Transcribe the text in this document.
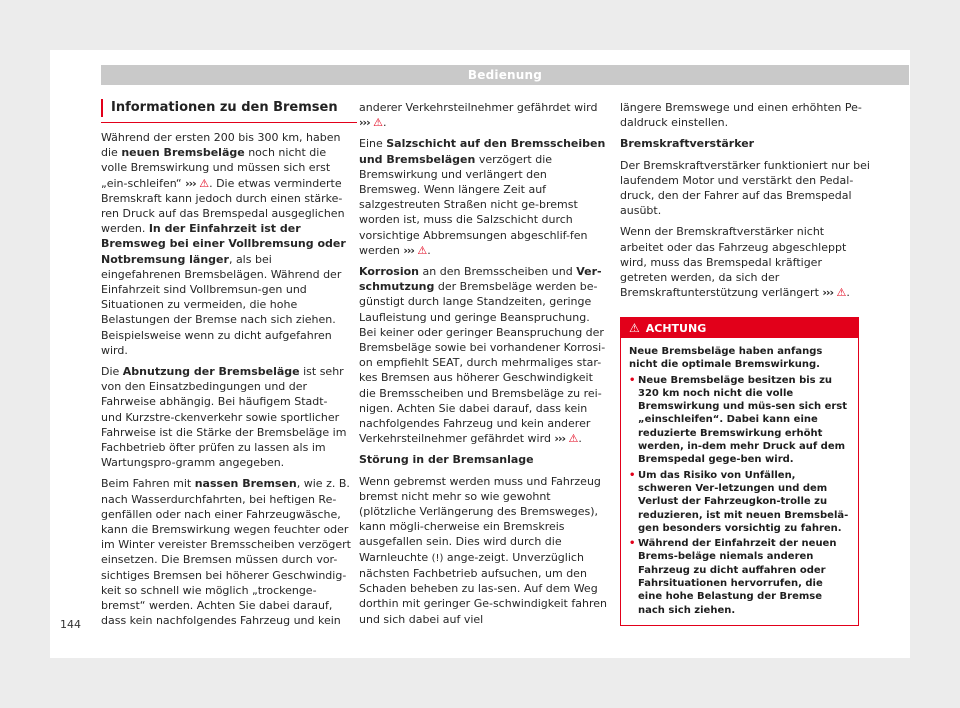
Bedienung
Informationen zu den Bremsen

Während der ersten 200 bis 300 km, haben die neuen Bremsbeläge noch nicht die volle Bremswirkung und müssen sich erst „ein-schleifen“ ››› ⚠. Die etwas verminderte Bremskraft kann jedoch durch einen stärke-ren Druck auf das Bremspedal ausgeglichen werden. In der Einfahrzeit ist der Bremsweg bei einer Vollbremsung oder Notbremsung länger, als bei eingefahrenen Bremsbelägen. Während der Einfahrzeit sind Vollbremsun-gen und Situationen zu vermeiden, die hohe Belastungen der Bremse nach sich ziehen. Beispielsweise wenn zu dicht aufgefahren wird.

Die Abnutzung der Bremsbeläge ist sehr von den Einsatzbedingungen und der Fahrweise abhängig. Bei häufigem Stadt- und Kurzstre-ckenverkehr sowie sportlicher Fahrweise ist die Stärke der Bremsbeläge im Fachbetrieb öfter prüfen zu lassen als im Wartungspro-gramm angegeben.

Beim Fahren mit nassen Bremsen, wie z. B. nach Wasserdurchfahrten, bei heftigen Re-genfällen oder nach einer Fahrzeugwäsche, kann die Bremswirkung wegen feuchter oder im Winter vereister Bremsscheiben verzögert einsetzen. Die Bremsen müssen durch vor-sichtiges Bremsen bei höherer Geschwindig-keit so schnell wie möglich „trockenge-bremst“ werden. Achten Sie dabei darauf, dass kein nachfolgendes Fahrzeug und kein

anderer Verkehrsteilnehmer gefährdet wird ››› ⚠.

Eine Salzschicht auf den Bremsscheiben und Bremsbelägen verzögert die Bremswirkung und verlängert den Bremsweg. Wenn längere Zeit auf salzgestreuten Straßen nicht ge-bremst worden ist, muss die Salzschicht durch vorsichtige Abbremsungen abgeschlif-fen werden ››› ⚠.

Korrosion an den Bremsscheiben und Ver-schmutzung der Bremsbeläge werden be-günstigt durch lange Standzeiten, geringe Laufleistung und geringe Beanspruchung. Bei keiner oder geringer Beanspruchung der Bremsbeläge sowie bei vorhandener Korrosi-on empfiehlt SEAT, durch mehrmaliges star-kes Bremsen aus höherer Geschwindigkeit die Bremsscheiben und Bremsbeläge zu rei-nigen. Achten Sie dabei darauf, dass kein nachfolgendes Fahrzeug und kein anderer Verkehrsteilnehmer gefährdet wird ››› ⚠.

Störung in der Bremsanlage

Wenn gebremst werden muss und Fahrzeug bremst nicht mehr so wie gewohnt (plötzliche Verlängerung des Bremsweges), kann mögli-cherweise ein Bremskreis ausgefallen sein. Dies wird durch die Warnleuchte (!) ange-zeigt. Unverzüglich nächsten Fachbetrieb aufsuchen, um den Schaden beheben zu las-sen. Auf dem Weg dorthin mit geringer Ge-schwindigkeit fahren und sich dabei auf viel

längere Bremswege und einen erhöhten Pe-daldruck einstellen.

Bremskraftverstärker

Der Bremskraftverstärker funktioniert nur bei laufendem Motor und verstärkt den Pedal-druck, den der Fahrer auf das Bremspedal ausübt.

Wenn der Bremskraftverstärker nicht arbeitet oder das Fahrzeug abgeschleppt wird, muss das Bremspedal kräftiger getreten werden, da sich der Bremskraftunterstützung verlängert ››› ⚠.

⚠ ACHTUNG

Neue Bremsbeläge haben anfangs nicht die optimale Bremswirkung.

• Neue Bremsbeläge besitzen bis zu 320 km noch nicht die volle Bremswirkung und müs-sen sich erst „einschleifen“. Dabei kann eine reduzierte Bremswirkung erhöht werden, in-dem mehr Druck auf dem Bremspedal gege-ben wird.
• Um das Risiko von Unfällen, schweren Ver-letzungen und dem Verlust der Fahrzeugkon-trolle zu reduzieren, ist mit neuen Bremsbelä-gen besonders vorsichtig zu fahren.
• Während der Einfahrzeit der neuen Brems-beläge niemals anderen Fahrzeug zu dicht auffahren oder Fahrsituationen hervorrufen, die eine hohe Belastung der Bremse nach sich ziehen.
144
